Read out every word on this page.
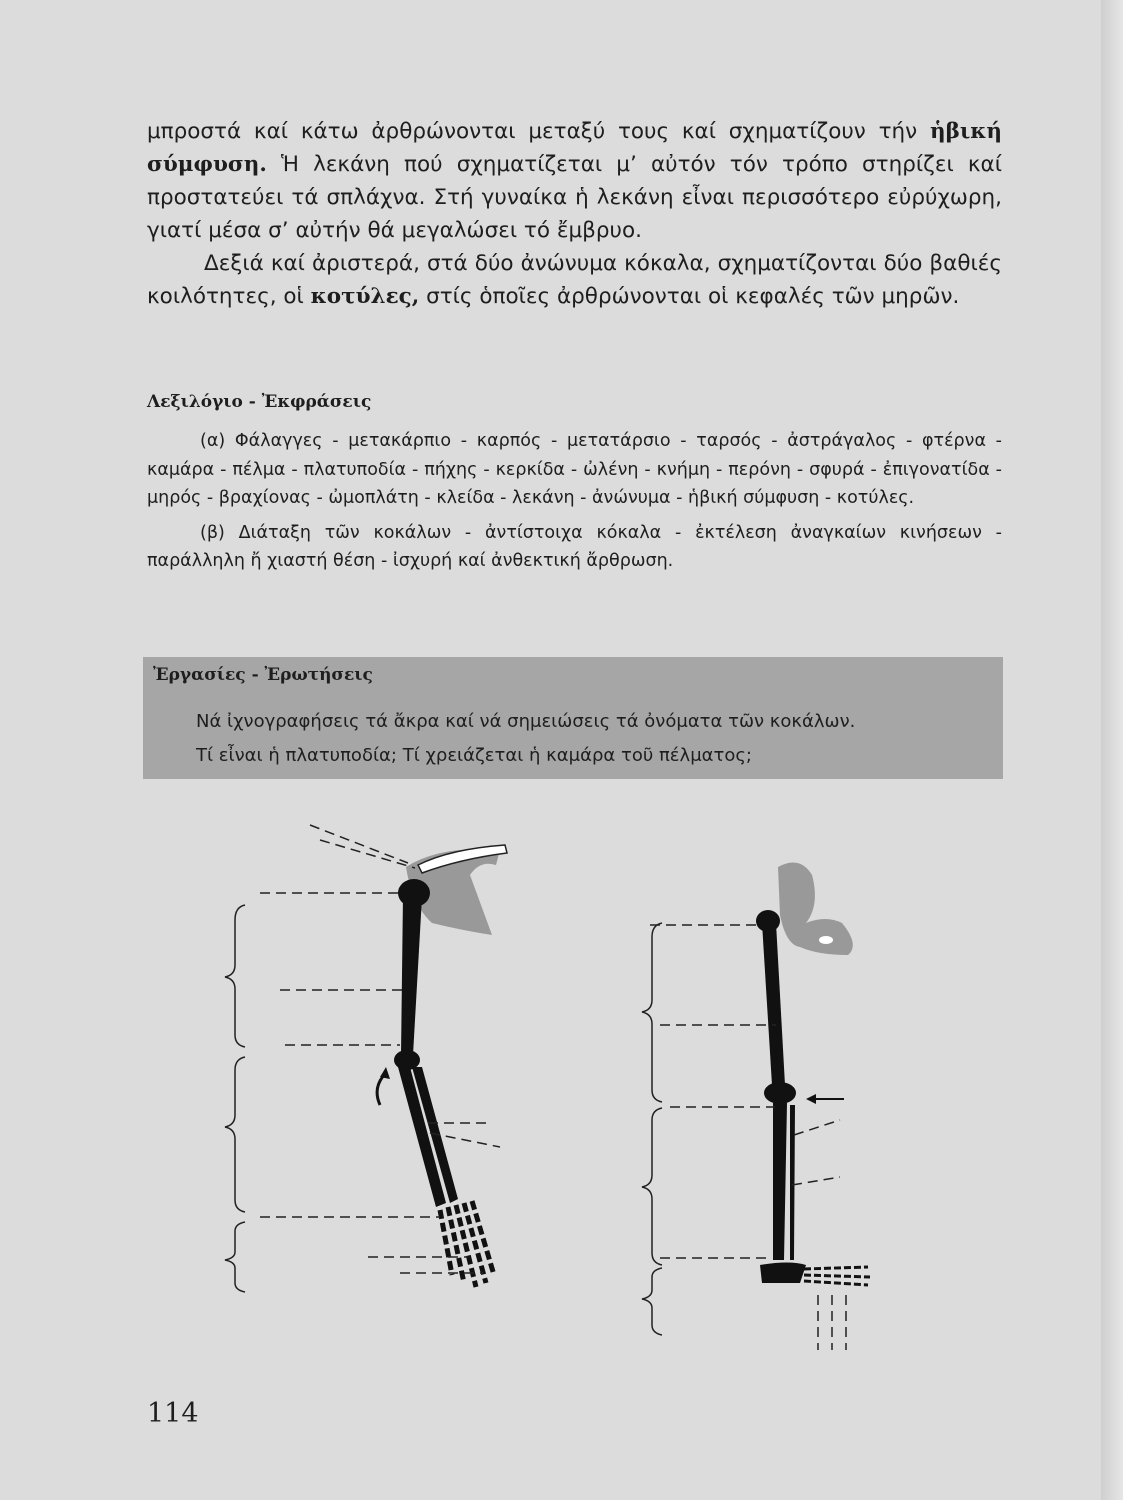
μπροστά καί κάτω ἀρθρώνονται μεταξύ τους καί σχηματίζουν τήν ἡβική σύμφυση. Ἡ λεκάνη πού σχηματίζεται μ’ αὐτόν τόν τρόπο στηρίζει καί προστατεύει τά σπλάχνα. Στή γυναίκα ἡ λεκάνη εἶναι περισσότερο εὐρύχωρη, γιατί μέσα σ’ αὐτήν θά μεγαλώσει τό ἔμβρυο.

Δεξιά καί ἀριστερά, στά δύο ἀνώνυμα κόκαλα, σχηματίζονται δύο βαθιές κοιλότητες, οἱ κοτύλες, στίς ὁποῖες ἀρθρώνονται οἱ κεφαλές τῶν μηρῶν.

Λεξιλόγιο - Ἐκφράσεις

(α) Φάλαγγες - μετακάρπιο - καρπός - μετατάρσιο - ταρσός - ἀστράγαλος - φτέρνα - καμάρα - πέλμα - πλατυποδία - πήχης - κερκίδα - ὠλένη - κνήμη - περόνη - σφυρά - ἐπιγονατίδα - μηρός - βραχίονας - ὠμοπλάτη - κλείδα - λεκάνη - ἀνώνυμα - ἡβική σύμφυση - κοτύλες.

(β) Διάταξη τῶν κοκάλων - ἀντίστοιχα κόκαλα - ἐκτέλεση ἀναγκαίων κινήσεων - παράλληλη ἤ χιαστή θέση - ἰσχυρή καί ἀνθεκτική ἄρθρωση.

Ἐργασίες - Ἐρωτήσεις
Νά ἰχνογραφήσεις τά ἄκρα καί νά σημειώσεις τά ὀνόματα τῶν κοκάλων.
Τί εἶναι ἡ πλατυποδία; Τί χρειάζεται ἡ καμάρα τοῦ πέλματος;
114
